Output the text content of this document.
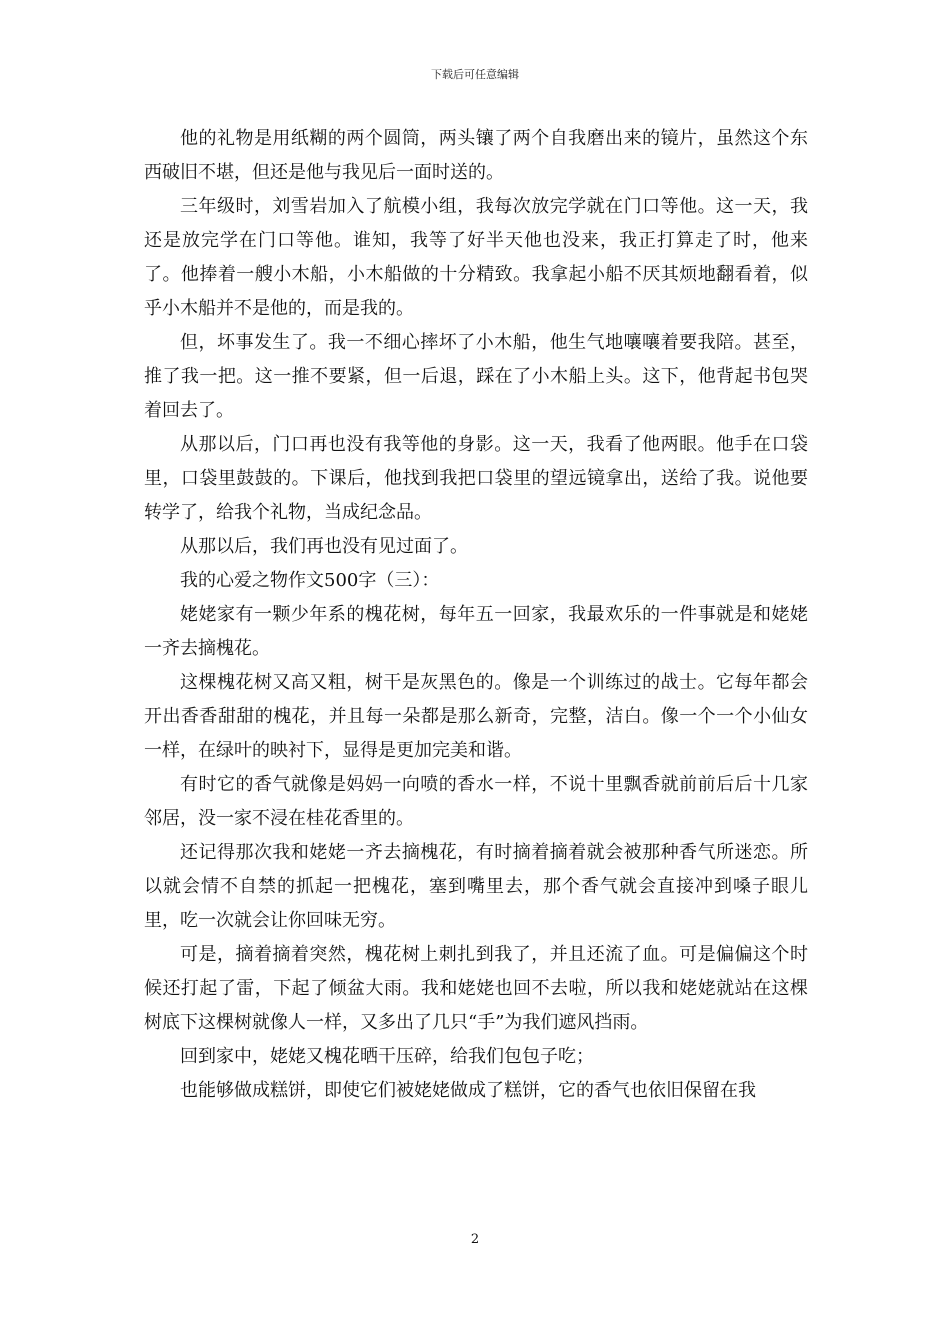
下载后可任意编辑

他的礼物是用纸糊的两个圆筒，两头镶了两个自我磨出来的镜片，虽然这个东西破旧不堪，但还是他与我见后一面时送的。

三年级时，刘雪岩加入了航模小组，我每次放完学就在门口等他。这一天，我还是放完学在门口等他。谁知，我等了好半天他也没来，我正打算走了时，他来了。他捧着一艘小木船，小木船做的十分精致。我拿起小船不厌其烦地翻看着，似乎小木船并不是他的，而是我的。

但，坏事发生了。我一不细心摔坏了小木船，他生气地嚷嚷着要我陪。甚至，推了我一把。这一推不要紧，但一后退，踩在了小木船上头。这下，他背起书包哭着回去了。

从那以后，门口再也没有我等他的身影。这一天，我看了他两眼。他手在口袋里，口袋里鼓鼓的。下课后，他找到我把口袋里的望远镜拿出，送给了我。说他要转学了，给我个礼物，当成纪念品。

从那以后，我们再也没有见过面了。

我的心爱之物作文500字（三）：

姥姥家有一颗少年系的槐花树，每年五一回家，我最欢乐的一件事就是和姥姥一齐去摘槐花。

这棵槐花树又高又粗，树干是灰黑色的。像是一个训练过的战士。它每年都会开出香香甜甜的槐花，并且每一朵都是那么新奇，完整，洁白。像一个一个小仙女一样，在绿叶的映衬下，显得是更加完美和谐。

有时它的香气就像是妈妈一向喷的香水一样，不说十里飘香就前前后后十几家邻居，没一家不浸在桂花香里的。

还记得那次我和姥姥一齐去摘槐花，有时摘着摘着就会被那种香气所迷恋。所以就会情不自禁的抓起一把槐花，塞到嘴里去，那个香气就会直接冲到嗓子眼儿里，吃一次就会让你回味无穷。

可是，摘着摘着突然，槐花树上刺扎到我了，并且还流了血。可是偏偏这个时候还打起了雷，下起了倾盆大雨。我和姥姥也回不去啦，所以我和姥姥就站在这棵树底下这棵树就像人一样，又多出了几只“手”为我们遮风挡雨。

回到家中，姥姥又槐花晒干压碎，给我们包包子吃；

也能够做成糕饼，即使它们被姥姥做成了糕饼，它的香气也依旧保留在我

2
